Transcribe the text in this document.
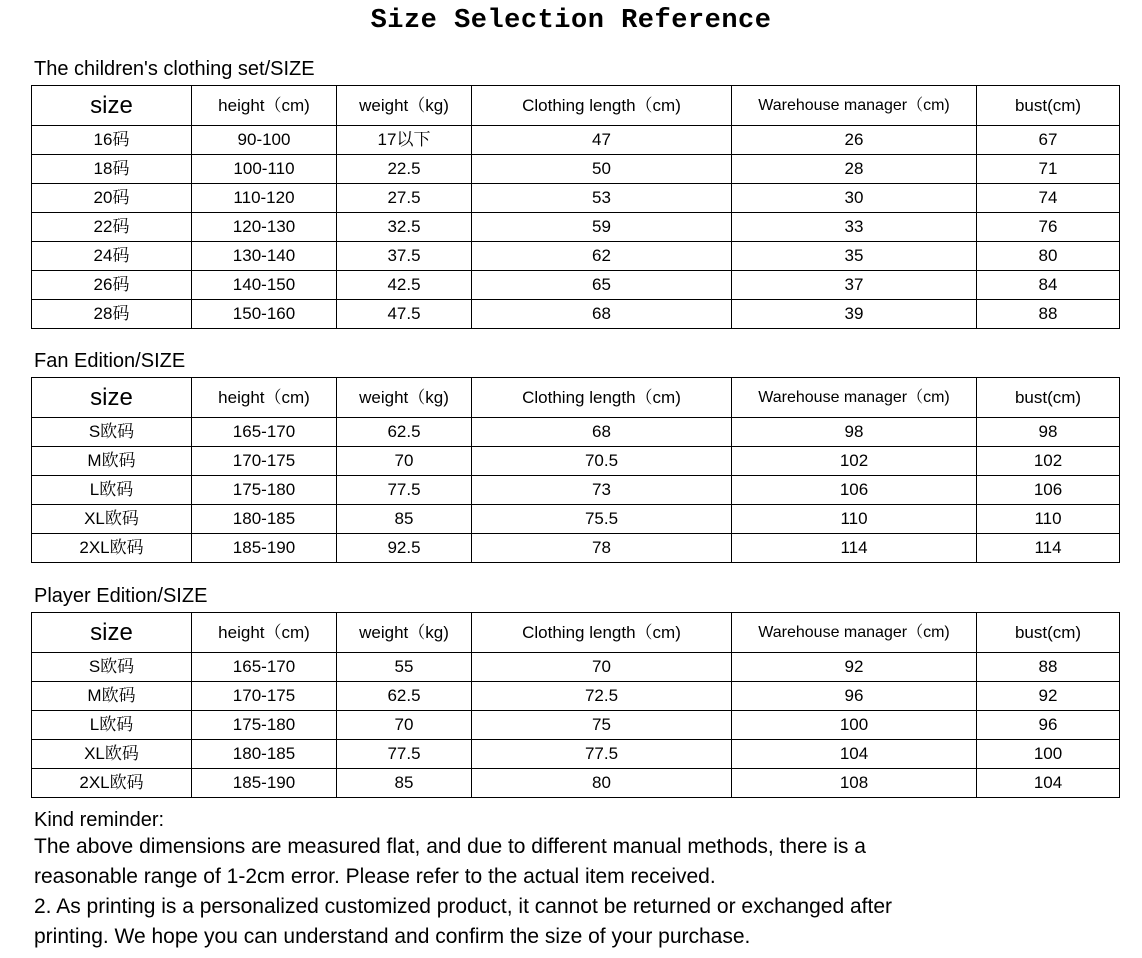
Size Selection Reference
The children's clothing set/SIZE
size	height（cm)	weight（kg)	Clothing length（cm)	Warehouse manager（cm)	bust(cm)
16码	90-100	17以下	47	26	67
18码	100-110	22.5	50	28	71
20码	110-120	27.5	53	30	74
22码	120-130	32.5	59	33	76
24码	130-140	37.5	62	35	80
26码	140-150	42.5	65	37	84
28码	150-160	47.5	68	39	88
Fan Edition/SIZE
size	height（cm)	weight（kg)	Clothing length（cm)	Warehouse manager（cm)	bust(cm)
S欧码	165-170	62.5	68	98	98
M欧码	170-175	70	70.5	102	102
L欧码	175-180	77.5	73	106	106
XL欧码	180-185	85	75.5	110	110
2XL欧码	185-190	92.5	78	114	114
Player Edition/SIZE
size	height（cm)	weight（kg)	Clothing length（cm)	Warehouse manager（cm)	bust(cm)
S欧码	165-170	55	70	92	88
M欧码	170-175	62.5	72.5	96	92
L欧码	175-180	70	75	100	96
XL欧码	180-185	77.5	77.5	104	100
2XL欧码	185-190	85	80	108	104
Kind reminder:
The above dimensions are measured flat, and due to different manual methods, there is a
reasonable range of 1-2cm error. Please refer to the actual item received.
2. As printing is a personalized customized product, it cannot be returned or exchanged after
printing. We hope you can understand and confirm the size of your purchase.
